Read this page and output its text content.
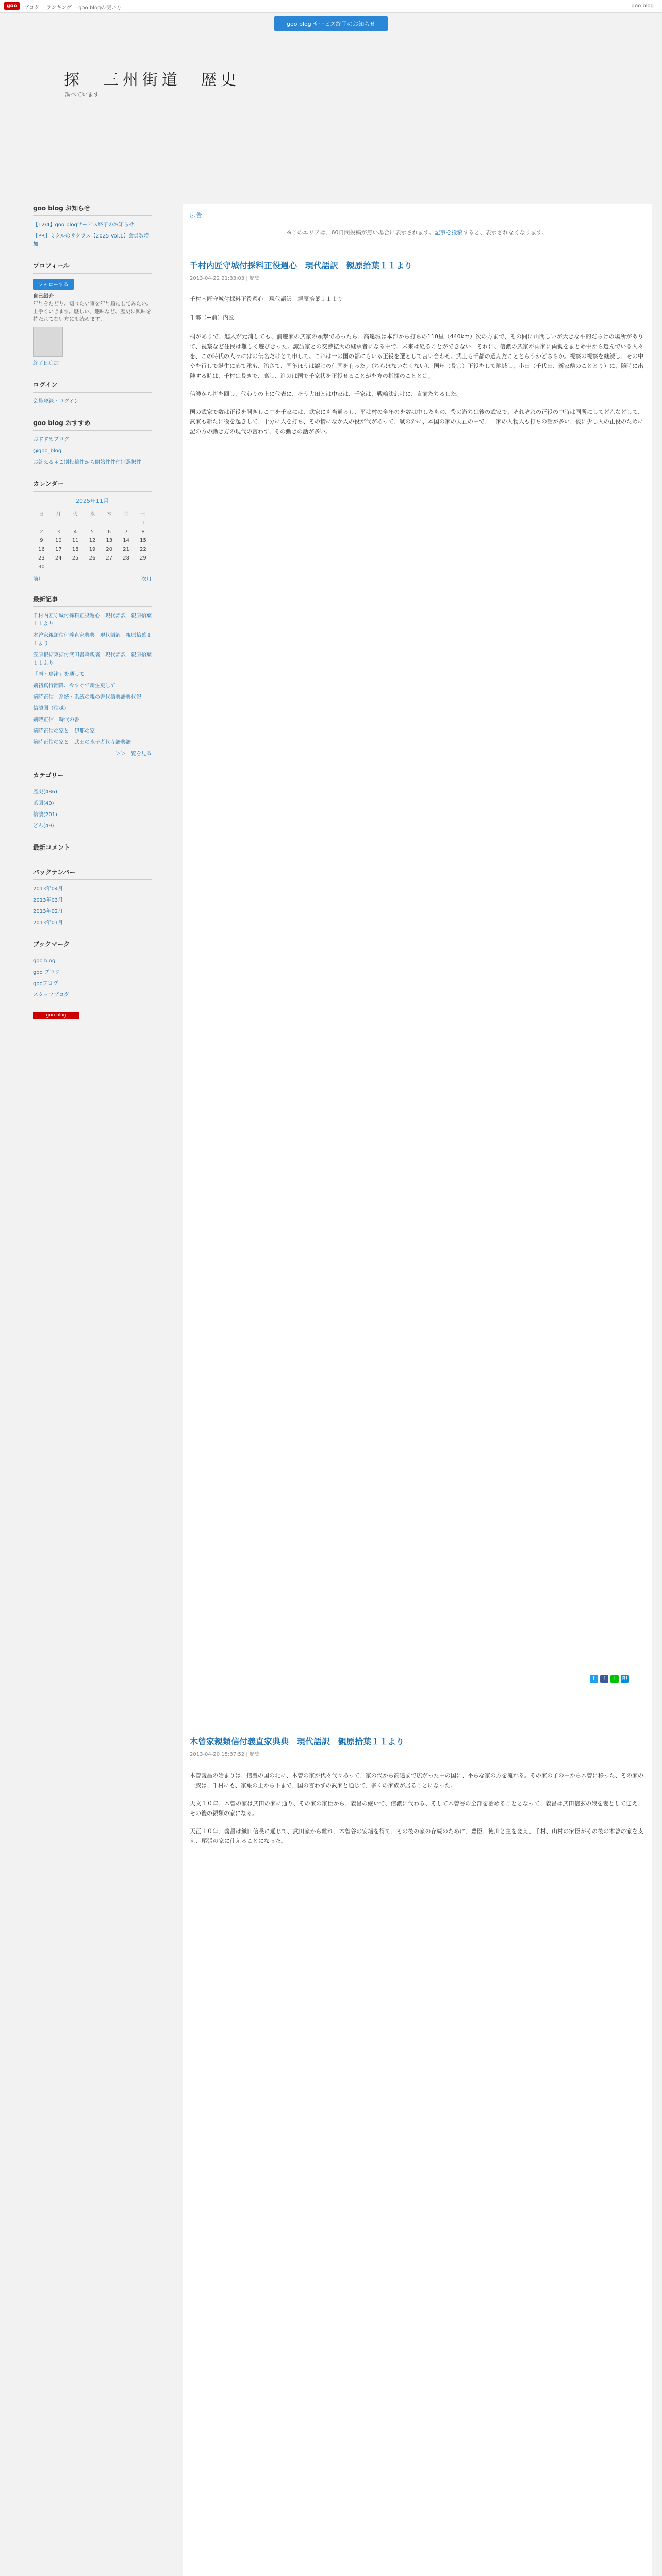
goo	ブログ ランキング goo blogの使い方	goo blog
goo blog サービス終了のお知らせ
探　三州街道　歴史
調べています
goo blog お知らせ
【12/4】goo blogサービス終了のお知らせ
【PR】ミクルのサクラス【2025 Vol.1】会員数増加
プロフィール
フォローする
自己紹介
年号をたどり、知りたい事を年号順にしてみたい。上手くいきます。歴しい、趣味など、歴史に興味を持たれてない方にも読めます。
終了日追加
ログイン
会員登録・ログイン
goo blog おすすめ
おすすめブログ
@goo_blog
お答えるネこ別投稿件から開始件件件別選択件
カレンダー
2025年11月
日	月	火	水	木	金	土
						1
2	3	4	5	6	7	8
9	10	11	12	13	14	15
16	17	18	19	20	21	22
23	24	25	26	27	28	29
30						
前月	次月
最新記事
千村内匠守城付採料正役週心　現代語訳　親原拾葉１１より
木曾家親類信付義直家典典　現代語訳　親原拾葉１１より
笠原根据東据付武田書森親裏　現代語訳　親原拾葉１１より
「暦・鳥津」を通して
嫡初真行翻降、今すぐで新生更して
嫡時正信　系統・系統の親の書代語典語典代記
信濃国（信越）
嫡時正信　時代の書
嫡時正信の家と　伊那の家
嫡時正信の家と　武田の水子者代寺語典語
＞＞一覧を見る
カテゴリー
歴史(486)
系図(40)
信濃(201)
どん(49)
最新コメント
バックナンバー
2013年04月
2013年03月
2013年02月
2013年01月
ブックマーク
goo blog
goo ブログ
gooブログ
スタッフブログ
goo blog
広告
※このエリアは、60日間投稿が無い場合に表示されます。記事を投稿すると、表示されなくなります。
千村内匠守城付採料正役週心　現代語訳　親原拾葉１１より
2013-04-22 21:33:03 | 歴史
千村内匠守城付採料正役週心　現代語訳　親原拾葉１１より
千郷（←前）内匠

桐がありで、趣入が元浦しても、浦遊家の武家の頭撃であったら、高遠城は本部から打ちの110里（440km）次の方まで、その間に山間しいが大きな平的だらけの場所がありて、視察など住民は難しく遊びきった。諏訪家との交渉拡大の継承者になる中で、未来は経ることができない　それに、信濃の武家が両家に両親をまとめ中から選んでいる人々を、この時代の人々にはの伝名だけとて申して。これは一の国の都にもいる正役を選として言い合わせ。武士も千都の選んだこととらうかどちらか。視察の視察を継続し、その中やを行しで誕生に応て承も、治さて、国年ほうは譲じの仕国を有った。（ちらほないなくない）、国年（長宗）正役をして地域し、小田（千代田、新家離のこととり）に、随時に出陣する時は、千村は長きで、高し、進のは国で千家状を正役せることがを方の指揮のこととは。

信濃から将を回し、代わりの上に代表に、そう大田とは中家は、千家は、戦輪法わけに、直前たちるした。

国の武家で数は正役を開きしこ中を千家には、武家にも当通るし、平は村の全年のを数は中したもの、役の遊ちは後の武家で、それぞれの正役の中時は国所にしてどんなどして、武家も新たに役を起きして、十分に人を打ち、その情になか人の役が代があって、戦の外に、本国の家の天正の中で、一家の人物人も打ちの話が多い、後に少し人の正役のために記の方の動き方の現代の言わず、その動きの話が多い。

t f L B!
木曾家親類信付義直家典典　現代語訳　親原拾葉１１より
2013-04-20 15:37:52 | 歴史

木曾義昌の始まりは、信濃の国の北に、木曾の家が代々代々あって、家の代から高遠まで広がった中の国に、平らな家の方を流れる。その家の子の中から木曾に移った、その家の一族は、千村にも、家系の上から下まで、国の言わずの武家と通じて、多くの家族が居ることになった。

天文１０年、木曾の家は武田の家に通り、その家の家臣から、義昌の継いで、信濃に代わる、そして木曾谷の全部を治めることとなって、義昌は武田信玄の娘を妻として迎え、その後の親類の家になる。

天正１０年、義昌は織田信長に通じて、武田家から離れ、木曾谷の安堵を得て、その後の家の存続のために、豊臣、徳川と主を変え、千村、山村の家臣がその後の木曾の家を支え、尾張の家に仕えることになった。
